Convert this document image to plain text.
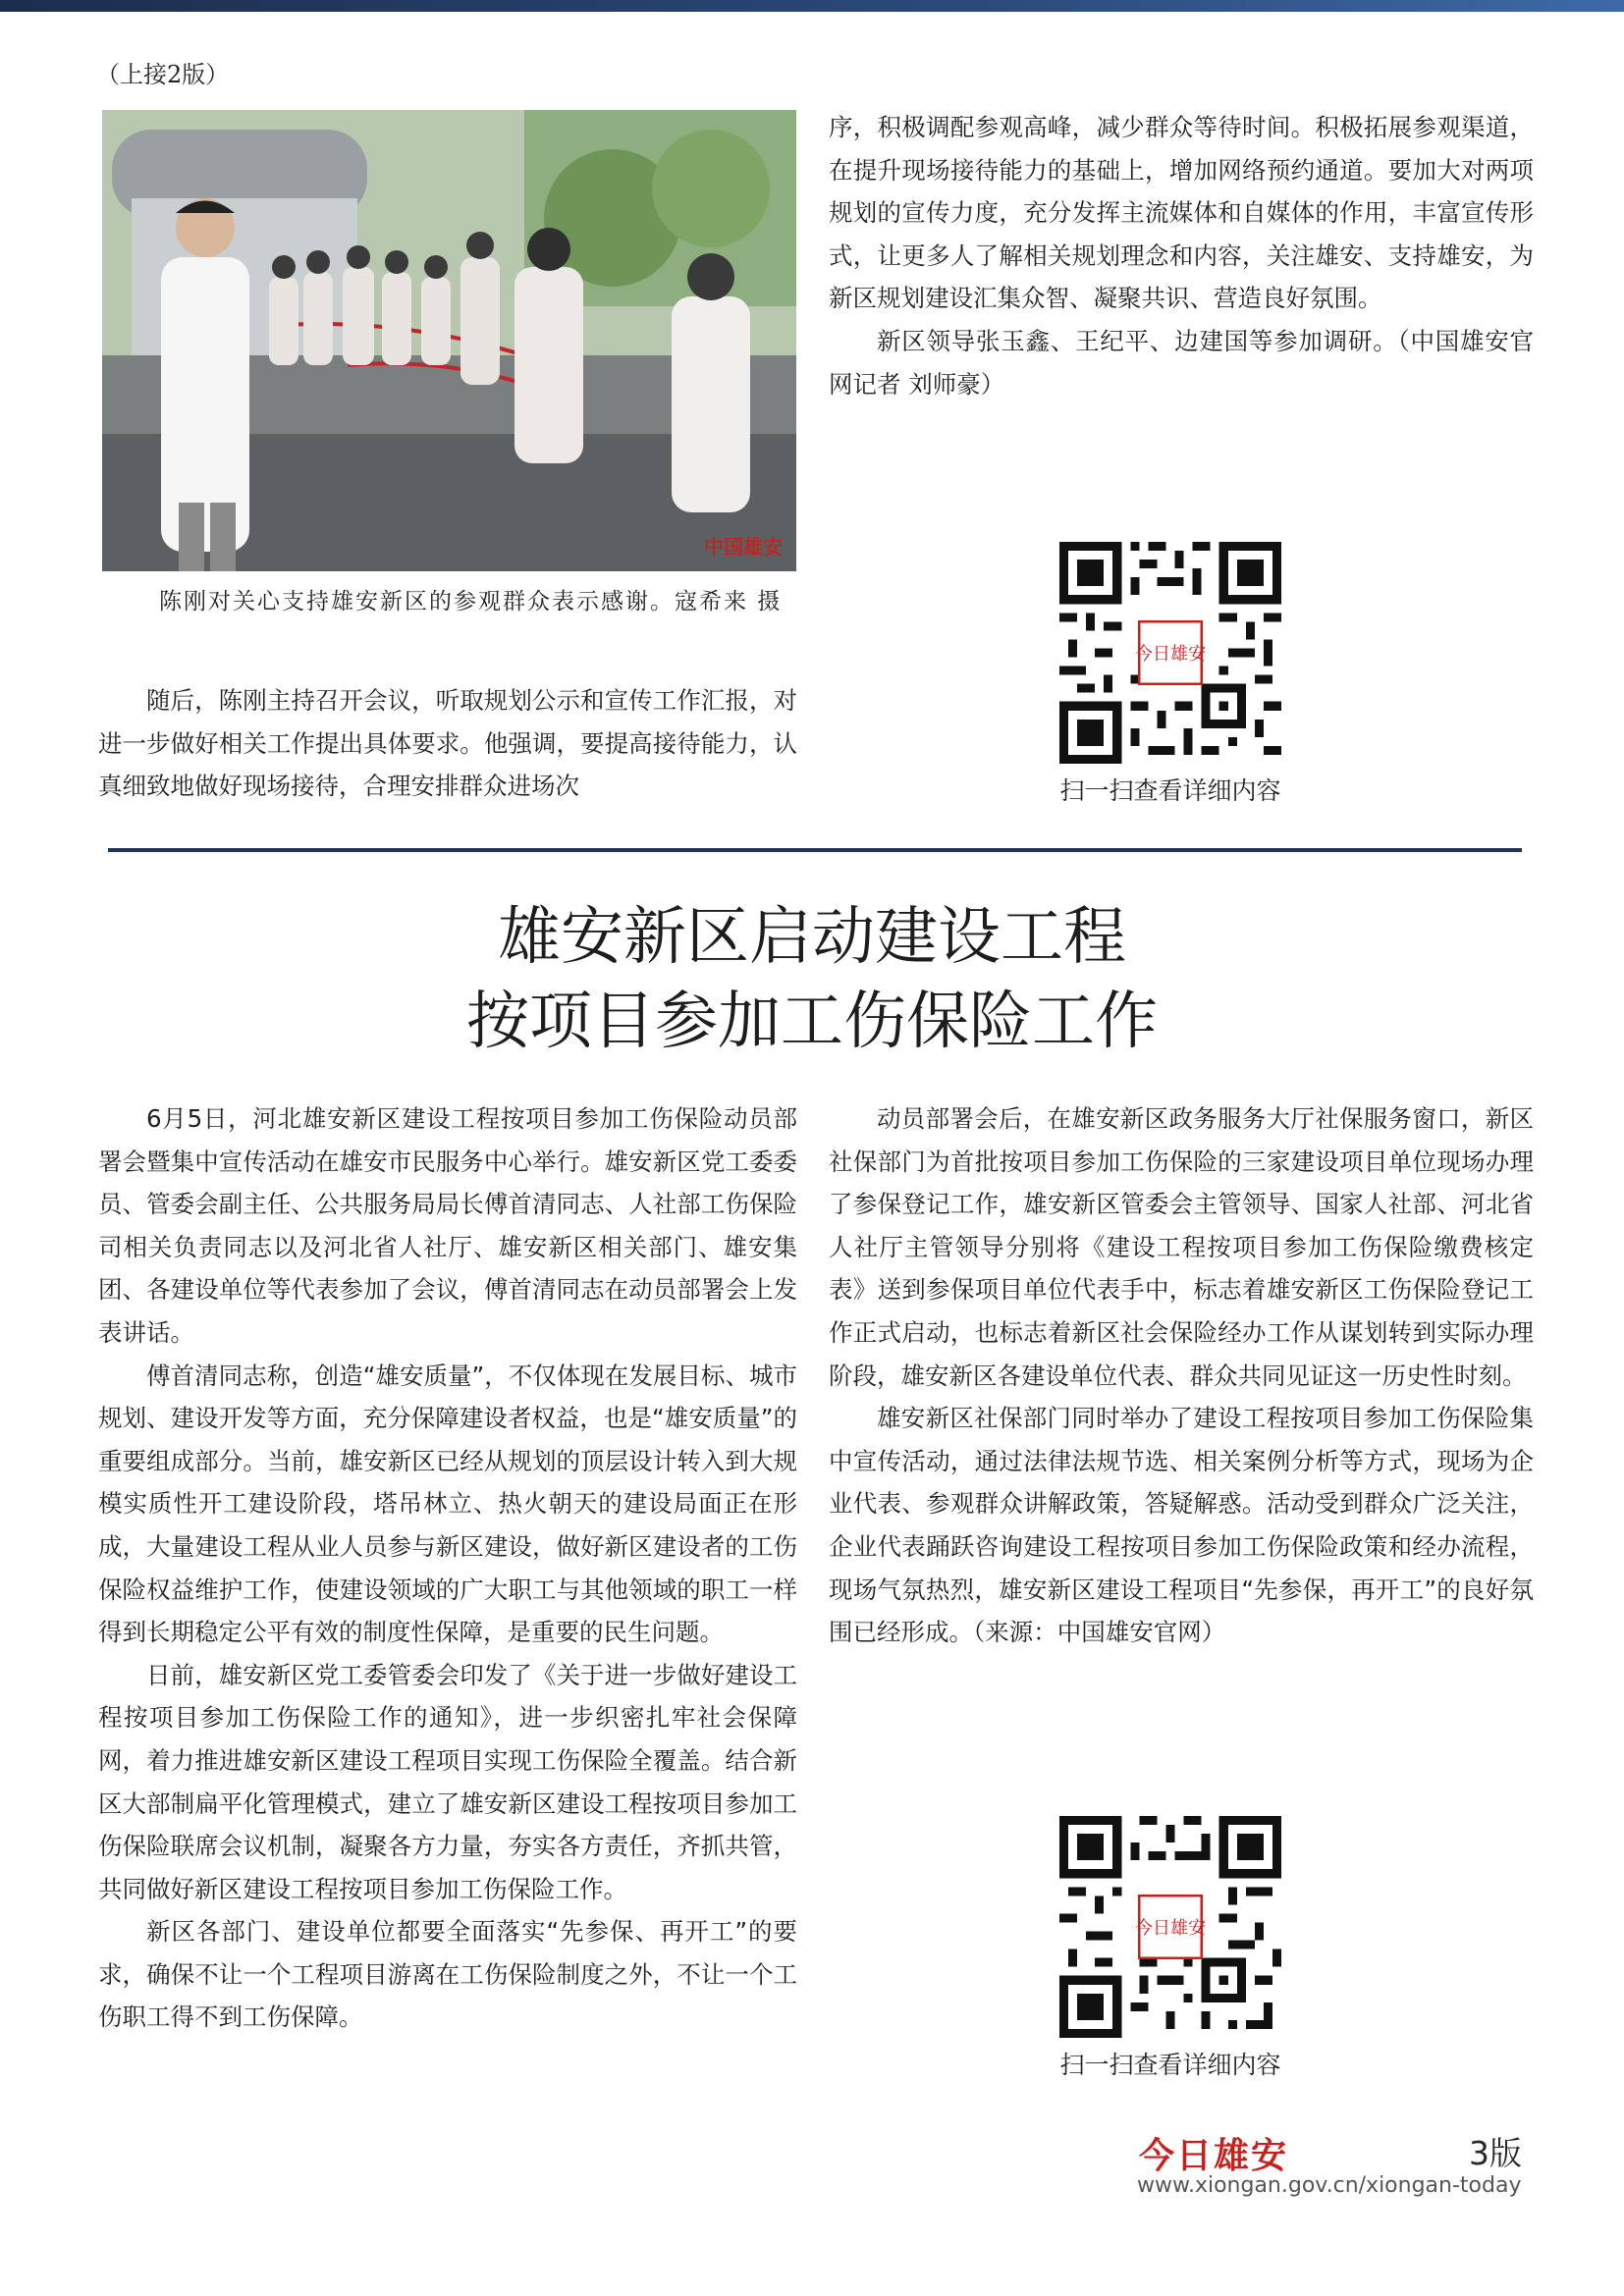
（上接2版）
中国雄安
陈刚对关心支持雄安新区的参观群众表示感谢。寇希来 摄

随后，陈刚主持召开会议，听取规划公示和宣传工作汇报，对进一步做好相关工作提出具体要求。他强调，要提高接待能力，认真细致地做好现场接待，合理安排群众进场次

序，积极调配参观高峰，减少群众等待时间。积极拓展参观渠道，在提升现场接待能力的基础上，增加网络预约通道。要加大对两项规划的宣传力度，充分发挥主流媒体和自媒体的作用，丰富宣传形式，让更多人了解相关规划理念和内容，关注雄安、支持雄安，为新区规划建设汇集众智、凝聚共识、营造良好氛围。

新区领导张玉鑫、王纪平、边建国等参加调研。（中国雄安官网记者 刘师豪）

今日雄安
扫一扫查看详细内容
雄安新区启动建设工程
按项目参加工伤保险工作

6月5日，河北雄安新区建设工程按项目参加工伤保险动员部署会暨集中宣传活动在雄安市民服务中心举行。雄安新区党工委委员、管委会副主任、公共服务局局长傅首清同志、人社部工伤保险司相关负责同志以及河北省人社厅、雄安新区相关部门、雄安集团、各建设单位等代表参加了会议，傅首清同志在动员部署会上发表讲话。

傅首清同志称，创造“雄安质量”，不仅体现在发展目标、城市规划、建设开发等方面，充分保障建设者权益，也是“雄安质量”的重要组成部分。当前，雄安新区已经从规划的顶层设计转入到大规模实质性开工建设阶段，塔吊林立、热火朝天的建设局面正在形成，大量建设工程从业人员参与新区建设，做好新区建设者的工伤保险权益维护工作，使建设领域的广大职工与其他领域的职工一样得到长期稳定公平有效的制度性保障，是重要的民生问题。

日前，雄安新区党工委管委会印发了《关于进一步做好建设工程按项目参加工伤保险工作的通知》，进一步织密扎牢社会保障网，着力推进雄安新区建设工程项目实现工伤保险全覆盖。结合新区大部制扁平化管理模式，建立了雄安新区建设工程按项目参加工伤保险联席会议机制，凝聚各方力量，夯实各方责任，齐抓共管，共同做好新区建设工程按项目参加工伤保险工作。

新区各部门、建设单位都要全面落实“先参保、再开工”的要求，确保不让一个工程项目游离在工伤保险制度之外，不让一个工伤职工得不到工伤保障。

动员部署会后，在雄安新区政务服务大厅社保服务窗口，新区社保部门为首批按项目参加工伤保险的三家建设项目单位现场办理了参保登记工作，雄安新区管委会主管领导、国家人社部、河北省人社厅主管领导分别将《建设工程按项目参加工伤保险缴费核定表》送到参保项目单位代表手中，标志着雄安新区工伤保险登记工作正式启动，也标志着新区社会保险经办工作从谋划转到实际办理阶段，雄安新区各建设单位代表、群众共同见证这一历史性时刻。

雄安新区社保部门同时举办了建设工程按项目参加工伤保险集中宣传活动，通过法律法规节选、相关案例分析等方式，现场为企业代表、参观群众讲解政策，答疑解惑。活动受到群众广泛关注，企业代表踊跃咨询建设工程按项目参加工伤保险政策和经办流程，现场气氛热烈，雄安新区建设工程项目“先参保，再开工”的良好氛围已经形成。（来源：中国雄安官网）

今日雄安
扫一扫查看详细内容
今日雄安	3版
www.xiongan.gov.cn/xiongan-today
